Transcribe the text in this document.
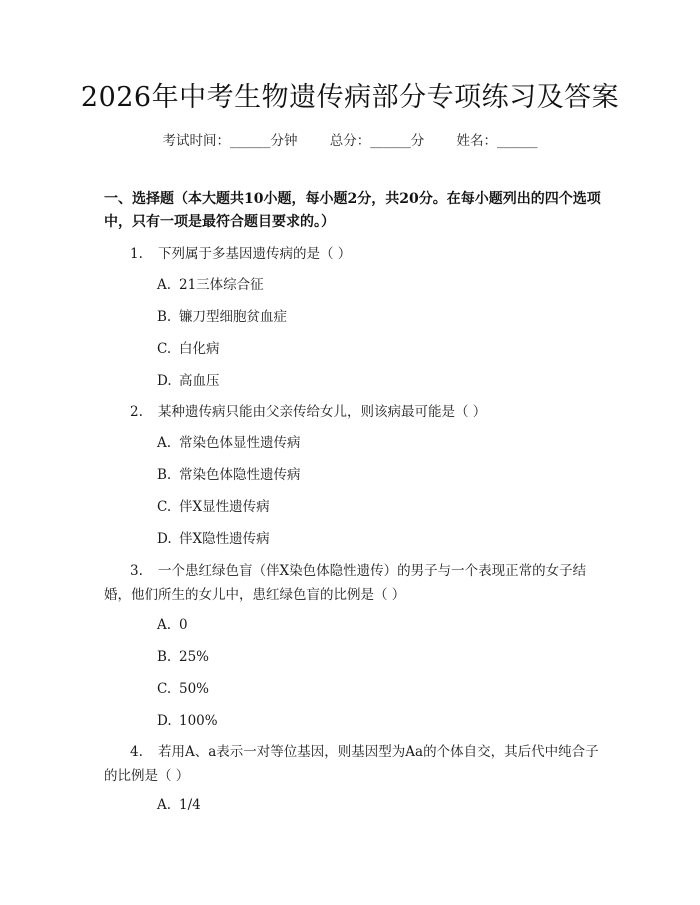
2026年中考生物遗传病部分专项练习及答案
考试时间：______分钟 总分：______分 姓名：______
一、选择题（本大题共10小题，每小题2分，共20分。在每小题列出的四个选项中，只有一项是最符合题目要求的。）
1. 下列属于多基因遗传病的是（ ）
A. 21三体综合征
B. 镰刀型细胞贫血症
C. 白化病
D. 高血压
2. 某种遗传病只能由父亲传给女儿，则该病最可能是（ ）
A. 常染色体显性遗传病
B. 常染色体隐性遗传病
C. 伴X显性遗传病
D. 伴X隐性遗传病
3. 一个患红绿色盲（伴X染色体隐性遗传）的男子与一个表现正常的女子结婚，他们所生的女儿中，患红绿色盲的比例是（ ）
A. 0
B. 25%
C. 50%
D. 100%
4. 若用A、a表示一对等位基因，则基因型为Aa的个体自交，其后代中纯合子的比例是（ ）
A. 1/4
